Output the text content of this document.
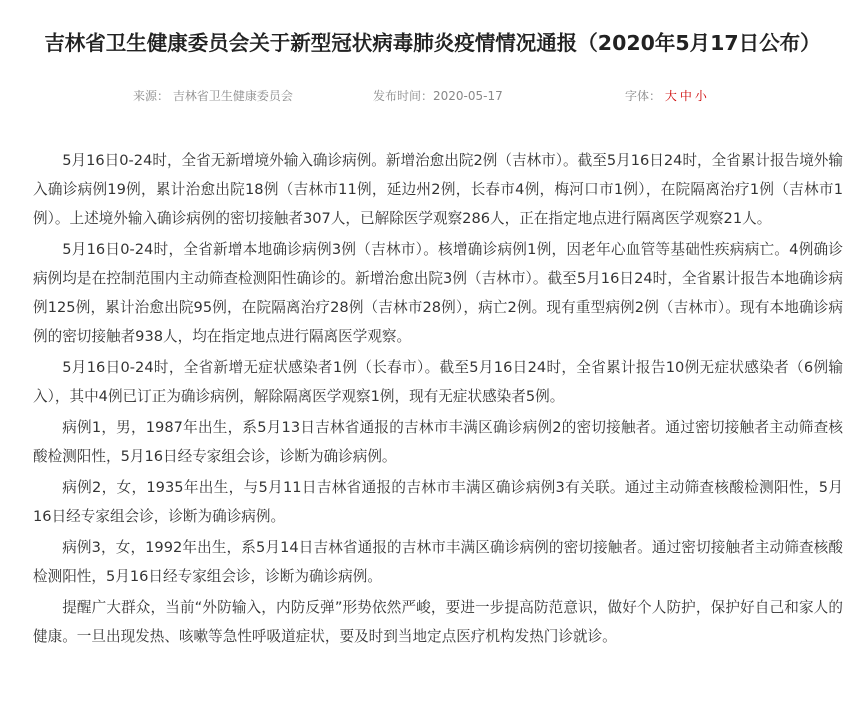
吉林省卫生健康委员会关于新型冠状病毒肺炎疫情情况通报（2020年5月17日公布）
来源： 吉林省卫生健康委员会	发布时间：2020-05-17	字体： 大 中 小

5月16日0-24时，全省无新增境外输入确诊病例。新增治愈出院2例（吉林市）。截至5月16日24时，全省累计报告境外输入确诊病例19例，累计治愈出院18例（吉林市11例，延边州2例，长春市4例，梅河口市1例），在院隔离治疗1例（吉林市1例）。上述境外输入确诊病例的密切接触者307人，已解除医学观察286人，正在指定地点进行隔离医学观察21人。

5月16日0-24时，全省新增本地确诊病例3例（吉林市）。核增确诊病例1例，因老年心血管等基础性疾病病亡。4例确诊病例均是在控制范围内主动筛查检测阳性确诊的。新增治愈出院3例（吉林市）。截至5月16日24时，全省累计报告本地确诊病例125例，累计治愈出院95例，在院隔离治疗28例（吉林市28例），病亡2例。现有重型病例2例（吉林市）。现有本地确诊病例的密切接触者938人，均在指定地点进行隔离医学观察。

5月16日0-24时，全省新增无症状感染者1例（长春市）。截至5月16日24时，全省累计报告10例无症状感染者（6例输入），其中4例已订正为确诊病例，解除隔离医学观察1例，现有无症状感染者5例。

病例1，男，1987年出生，系5月13日吉林省通报的吉林市丰满区确诊病例2的密切接触者。通过密切接触者主动筛查核酸检测阳性，5月16日经专家组会诊，诊断为确诊病例。

病例2，女，1935年出生，与5月11日吉林省通报的吉林市丰满区确诊病例3有关联。通过主动筛查核酸检测阳性，5月16日经专家组会诊，诊断为确诊病例。

病例3，女，1992年出生，系5月14日吉林省通报的吉林市丰满区确诊病例的密切接触者。通过密切接触者主动筛查核酸检测阳性，5月16日经专家组会诊，诊断为确诊病例。

提醒广大群众，当前“外防输入，内防反弹”形势依然严峻，要进一步提高防范意识，做好个人防护，保护好自己和家人的健康。一旦出现发热、咳嗽等急性呼吸道症状，要及时到当地定点医疗机构发热门诊就诊。
